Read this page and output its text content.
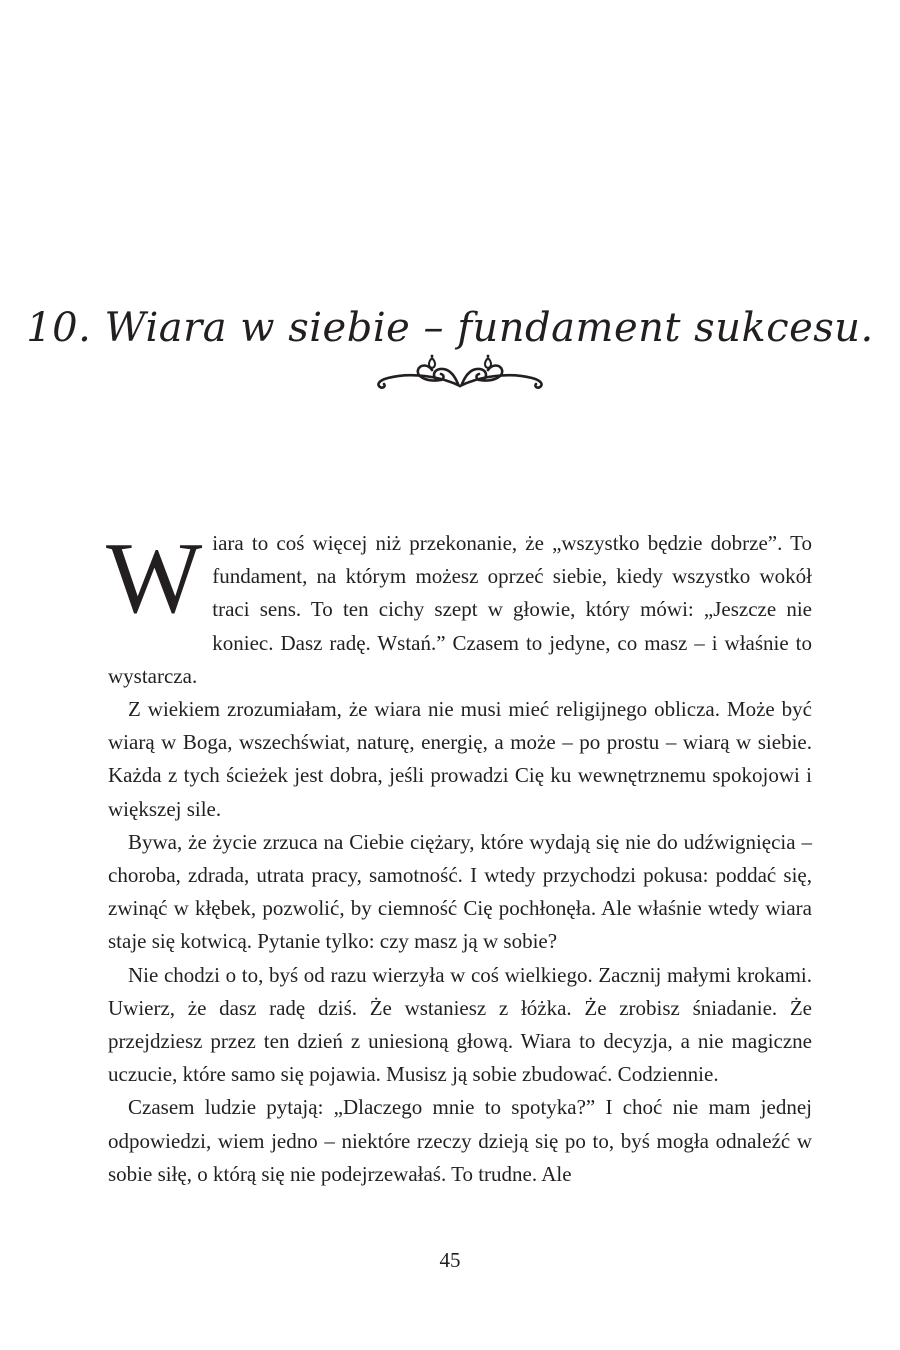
10. Wiara w siebie – fundament sukcesu.

Wiara to coś więcej niż przekonanie, że „wszystko będzie dobrze”. To fundament, na którym możesz oprzeć siebie, kiedy wszystko wokół traci sens. To ten cichy szept w głowie, który mówi: „Jeszcze nie koniec. Dasz radę. Wstań.” Czasem to jedyne, co masz – i właśnie to wystarcza.

Z wiekiem zrozumiałam, że wiara nie musi mieć religijnego oblicza. Może być wiarą w Boga, wszechświat, naturę, energię, a może – po prostu – wiarą w siebie. Każda z tych ścieżek jest dobra, jeśli prowadzi Cię ku wewnętrznemu spokojowi i większej sile.

Bywa, że życie zrzuca na Ciebie ciężary, które wydają się nie do udźwignięcia – choroba, zdrada, utrata pracy, samotność. I wtedy przychodzi pokusa: poddać się, zwinąć w kłębek, pozwolić, by ciemność Cię pochłonęła. Ale właśnie wtedy wiara staje się kotwicą. Pytanie tylko: czy masz ją w sobie?

Nie chodzi o to, byś od razu wierzyła w coś wielkiego. Zacznij małymi krokami. Uwierz, że dasz radę dziś. Że wstaniesz z łóżka. Że zrobisz śniadanie. Że przejdziesz przez ten dzień z uniesioną głową. Wiara to decyzja, a nie magiczne uczucie, które samo się pojawia. Musisz ją sobie zbudować. Codziennie.

Czasem ludzie pytają: „Dlaczego mnie to spotyka?” I choć nie mam jednej odpowiedzi, wiem jedno – niektóre rzeczy dzieją się po to, byś mogła odnaleźć w sobie siłę, o którą się nie podejrzewałaś. To trudne. Ale

45
